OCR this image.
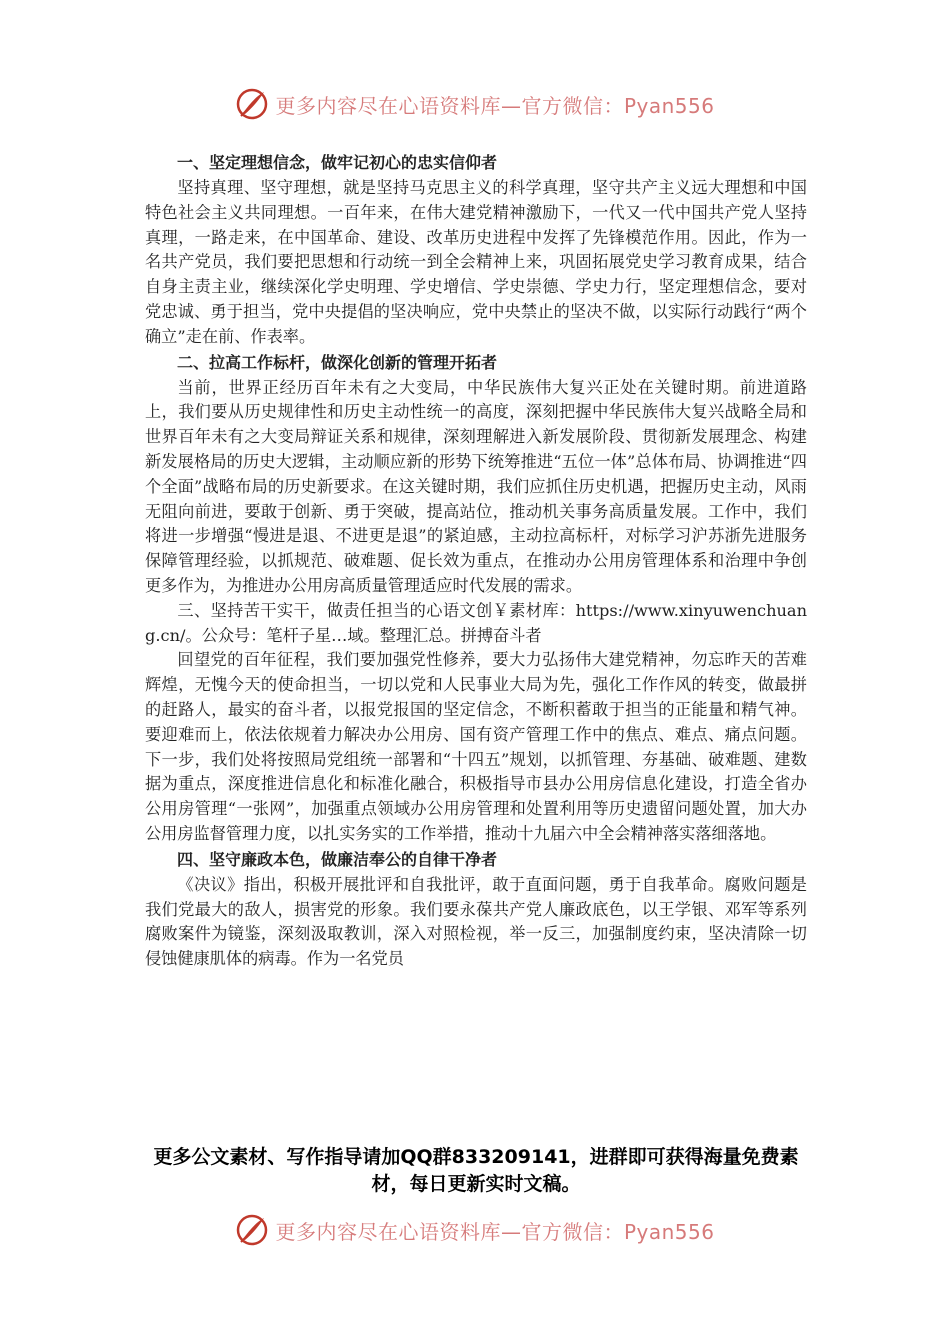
更多内容尽在心语资料库—官方微信：Pyan556

一、坚定理想信念，做牢记初心的忠实信仰者

坚持真理、坚守理想，就是坚持马克思主义的科学真理，坚守共产主义远大理想和中国特色社会主义共同理想。一百年来，在伟大建党精神激励下，一代又一代中国共产党人坚持真理，一路走来，在中国革命、建设、改革历史进程中发挥了先锋模范作用。因此，作为一名共产党员，我们要把思想和行动统一到全会精神上来，巩固拓展党史学习教育成果，结合自身主责主业，继续深化学史明理、学史增信、学史崇德、学史力行，坚定理想信念，要对党忠诚、勇于担当，党中央提倡的坚决响应，党中央禁止的坚决不做，以实际行动践行“两个确立”走在前、作表率。

二、拉高工作标杆，做深化创新的管理开拓者

当前，世界正经历百年未有之大变局，中华民族伟大复兴正处在关键时期。前进道路上，我们要从历史规律性和历史主动性统一的高度，深刻把握中华民族伟大复兴战略全局和世界百年未有之大变局辩证关系和规律，深刻理解进入新发展阶段、贯彻新发展理念、构建新发展格局的历史大逻辑，主动顺应新的形势下统筹推进“五位一体”总体布局、协调推进“四个全面”战略布局的历史新要求。在这关键时期，我们应抓住历史机遇，把握历史主动，风雨无阻向前进，要敢于创新、勇于突破，提高站位，推动机关事务高质量发展。工作中，我们将进一步增强“慢进是退、不进更是退”的紧迫感，主动拉高标杆，对标学习沪苏浙先进服务保障管理经验，以抓规范、破难题、促长效为重点，在推动办公用房管理体系和治理中争创更多作为，为推进办公用房高质量管理适应时代发展的需求。

三、坚持苦干实干，做责任担当的心语文创￥素材库：https://www.xinyuwenchuang.cn/。公众号：笔杆子星…域。整理汇总。拼搏奋斗者

回望党的百年征程，我们要加强党性修养，要大力弘扬伟大建党精神，勿忘昨天的苦难辉煌，无愧今天的使命担当，一切以党和人民事业大局为先，强化工作作风的转变，做最拼的赶路人，最实的奋斗者，以报党报国的坚定信念，不断积蓄敢于担当的正能量和精气神。要迎难而上，依法依规着力解决办公用房、国有资产管理工作中的焦点、难点、痛点问题。下一步，我们处将按照局党组统一部署和“十四五”规划，以抓管理、夯基础、破难题、建数据为重点，深度推进信息化和标准化融合，积极指导市县办公用房信息化建设，打造全省办公用房管理“一张网”，加强重点领域办公用房管理和处置利用等历史遗留问题处置，加大办公用房监督管理力度，以扎实务实的工作举措，推动十九届六中全会精神落实落细落地。

四、坚守廉政本色，做廉洁奉公的自律干净者

《决议》指出，积极开展批评和自我批评，敢于直面问题，勇于自我革命。腐败问题是我们党最大的敌人，损害党的形象。我们要永葆共产党人廉政底色，以王学银、邓军等系列腐败案件为镜鉴，深刻汲取教训，深入对照检视，举一反三，加强制度约束，坚决清除一切侵蚀健康肌体的病毒。作为一名党员

更多公文素材、写作指导请加QQ群833209141，进群即可获得海量免费素材，每日更新实时文稿。
更多内容尽在心语资料库—官方微信：Pyan556
